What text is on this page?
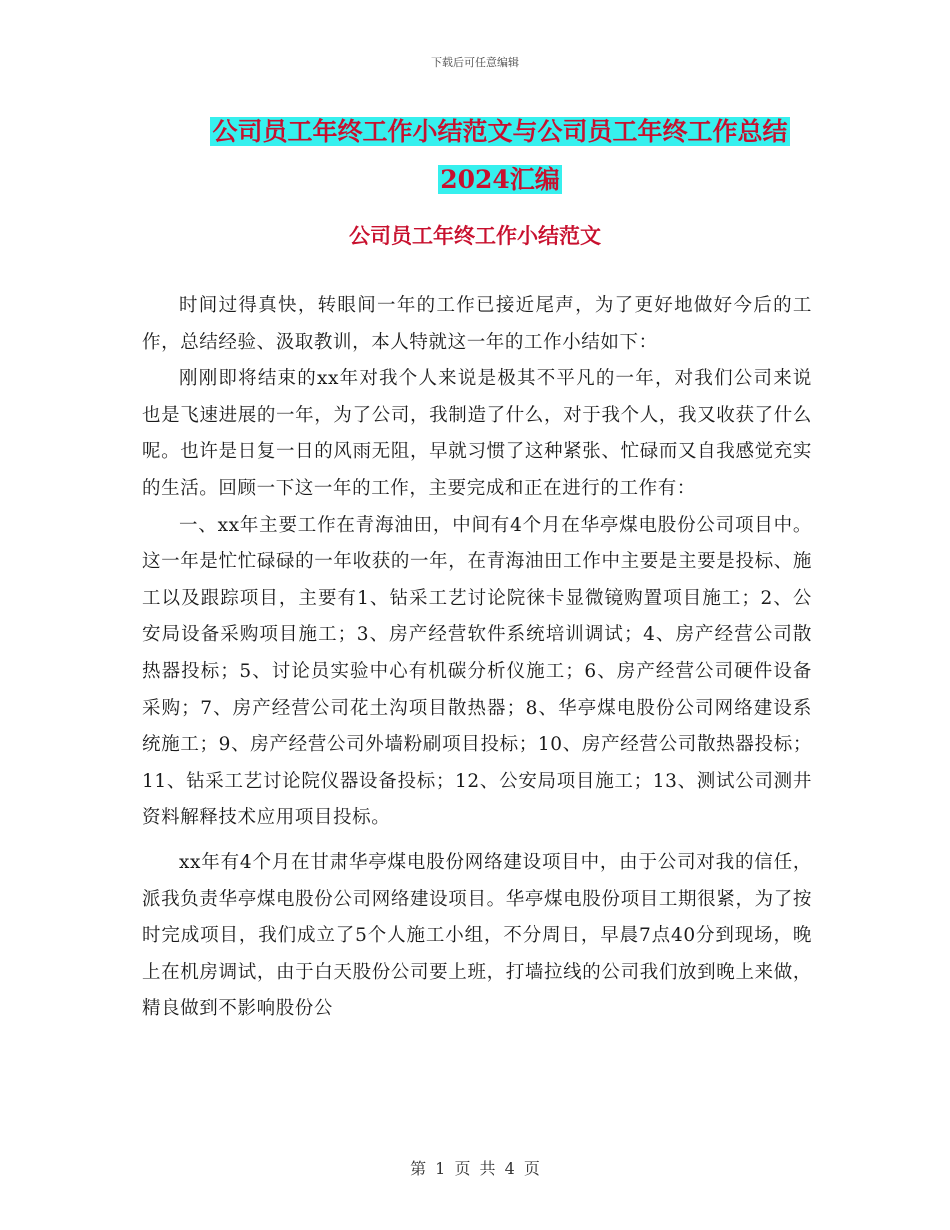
下载后可任意编辑
公司员工年终工作小结范文与公司员工年终工作总结
2024汇编
公司员工年终工作小结范文

时间过得真快，转眼间一年的工作已接近尾声，为了更好地做好今后的工作，总结经验、汲取教训，本人特就这一年的工作小结如下：

刚刚即将结束的xx年对我个人来说是极其不平凡的一年，对我们公司来说也是飞速进展的一年，为了公司，我制造了什么，对于我个人，我又收获了什么呢。也许是日复一日的风雨无阻，早就习惯了这种紧张、忙碌而又自我感觉充实的生活。回顾一下这一年的工作，主要完成和正在进行的工作有：

一、xx年主要工作在青海油田，中间有4个月在华亭煤电股份公司项目中。这一年是忙忙碌碌的一年收获的一年，在青海油田工作中主要是主要是投标、施工以及跟踪项目，主要有1、钻采工艺讨论院徕卡显微镜购置项目施工；2、公安局设备采购项目施工；3、房产经营软件系统培训调试；4、房产经营公司散热器投标；5、讨论员实验中心有机碳分析仪施工；6、房产经营公司硬件设备采购；7、房产经营公司花土沟项目散热器；8、华亭煤电股份公司网络建设系统施工；9、房产经营公司外墙粉刷项目投标；10、房产经营公司散热器投标；11、钻采工艺讨论院仪器设备投标；12、公安局项目施工；13、测试公司测井资料解释技术应用项目投标。

xx年有4个月在甘肃华亭煤电股份网络建设项目中，由于公司对我的信任，派我负责华亭煤电股份公司网络建设项目。华亭煤电股份项目工期很紧，为了按时完成项目，我们成立了5个人施工小组，不分周日，早晨7点40分到现场，晚上在机房调试，由于白天股份公司要上班，打墙拉线的公司我们放到晚上来做，精良做到不影响股份公

第 1 页 共 4 页
